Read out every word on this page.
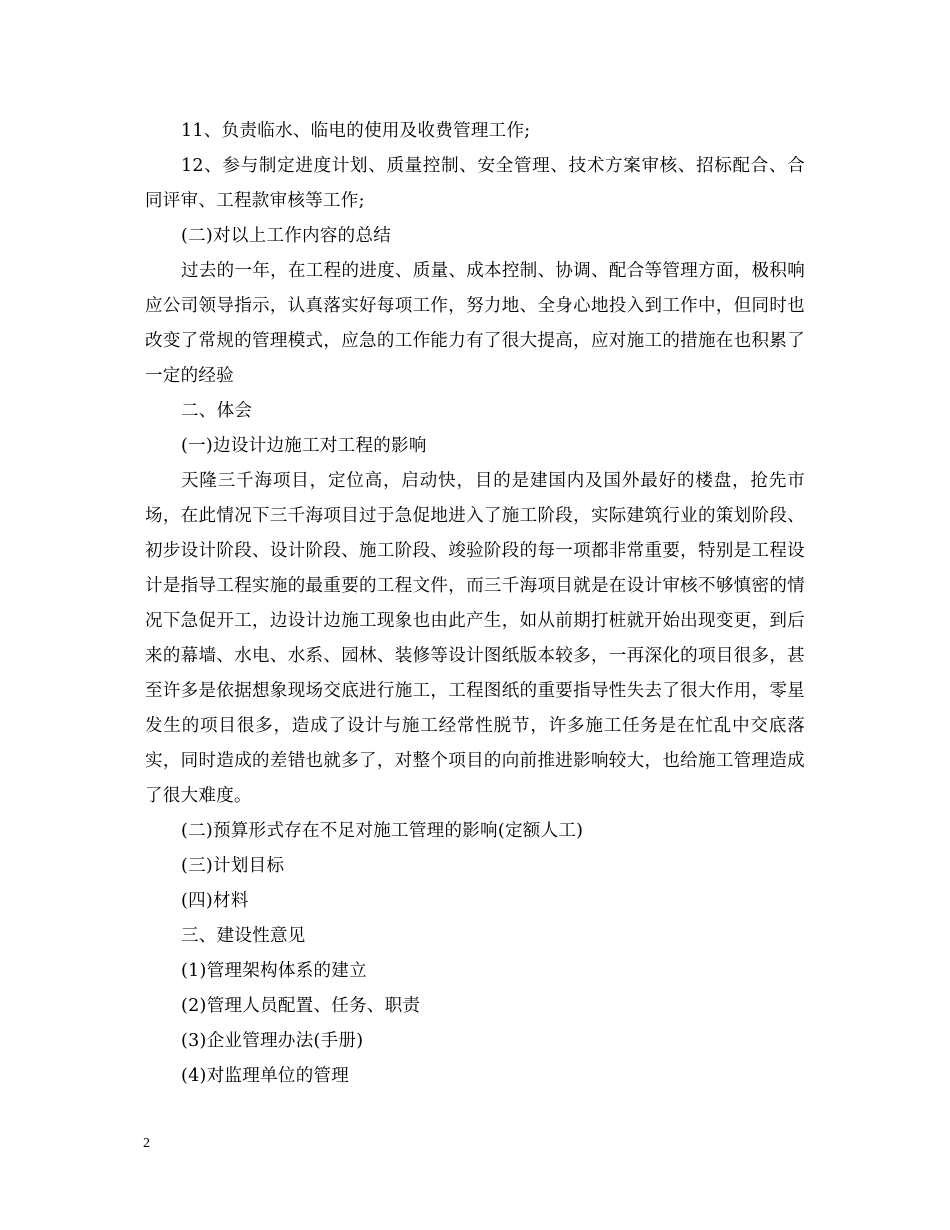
11、负责临水、临电的使用及收费管理工作;

12、参与制定进度计划、质量控制、安全管理、技术方案审核、招标配合、合同评审、工程款审核等工作;

(二)对以上工作内容的总结

过去的一年，在工程的进度、质量、成本控制、协调、配合等管理方面，极积响应公司领导指示，认真落实好每项工作，努力地、全身心地投入到工作中，但同时也改变了常规的管理模式，应急的工作能力有了很大提高，应对施工的措施在也积累了一定的经验

二、体会

(一)边设计边施工对工程的影响

天隆三千海项目，定位高，启动快，目的是建国内及国外最好的楼盘，抢先市场，在此情况下三千海项目过于急促地进入了施工阶段，实际建筑行业的策划阶段、初步设计阶段、设计阶段、施工阶段、竣验阶段的每一项都非常重要，特别是工程设计是指导工程实施的最重要的工程文件，而三千海项目就是在设计审核不够慎密的情况下急促开工，边设计边施工现象也由此产生，如从前期打桩就开始出现变更，到后来的幕墙、水电、水系、园林、装修等设计图纸版本较多，一再深化的项目很多，甚至许多是依据想象现场交底进行施工，工程图纸的重要指导性失去了很大作用，零星发生的项目很多，造成了设计与施工经常性脱节，许多施工任务是在忙乱中交底落实，同时造成的差错也就多了，对整个项目的向前推进影响较大，也给施工管理造成了很大难度。

(二)预算形式存在不足对施工管理的影响(定额人工)

(三)计划目标

(四)材料

三、建设性意见

(1)管理架构体系的建立

(2)管理人员配置、任务、职责

(3)企业管理办法(手册)

(4)对监理单位的管理

2
